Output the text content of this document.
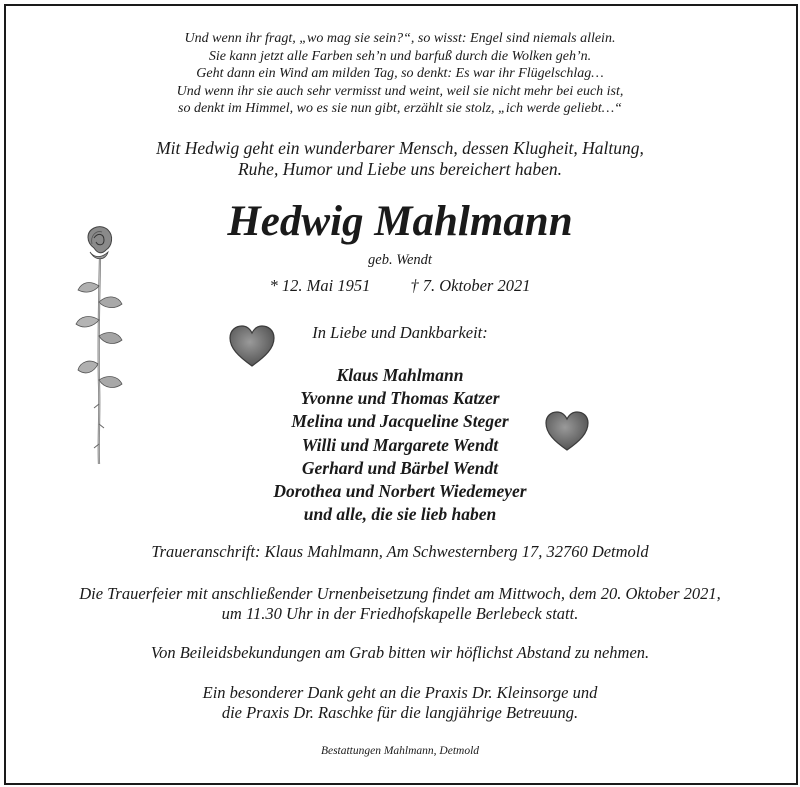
Und wenn ihr fragt, „wo mag sie sein?“, so wisst: Engel sind niemals allein.
Sie kann jetzt alle Farben seh’n und barfuß durch die Wolken geh’n.
Geht dann ein Wind am milden Tag, so denkt: Es war ihr Flügelschlag…
Und wenn ihr sie auch sehr vermisst und weint, weil sie nicht mehr bei euch ist,
so denkt im Himmel, wo es sie nun gibt, erzählt sie stolz, „ich werde geliebt…“
Mit Hedwig geht ein wunderbarer Mensch, dessen Klugheit, Haltung,
Ruhe, Humor und Liebe uns bereichert haben.
Hedwig Mahlmann
geb. Wendt
* 12. Mai 1951 † 7. Oktober 2021
In Liebe und Dankbarkeit:
Klaus Mahlmann
Yvonne und Thomas Katzer
Melina und Jacqueline Steger
Willi und Margarete Wendt
Gerhard und Bärbel Wendt
Dorothea und Norbert Wiedemeyer
und alle, die sie lieb haben
Traueranschrift: Klaus Mahlmann, Am Schwesternberg 17, 32760 Detmold
Die Trauerfeier mit anschließender Urnenbeisetzung findet am Mittwoch, dem 20. Oktober 2021,
um 11.30 Uhr in der Friedhofskapelle Berlebeck statt.
Von Beileidsbekundungen am Grab bitten wir höflichst Abstand zu nehmen.
Ein besonderer Dank geht an die Praxis Dr. Kleinsorge und
die Praxis Dr. Raschke für die langjährige Betreuung.
Bestattungen Mahlmann, Detmold
